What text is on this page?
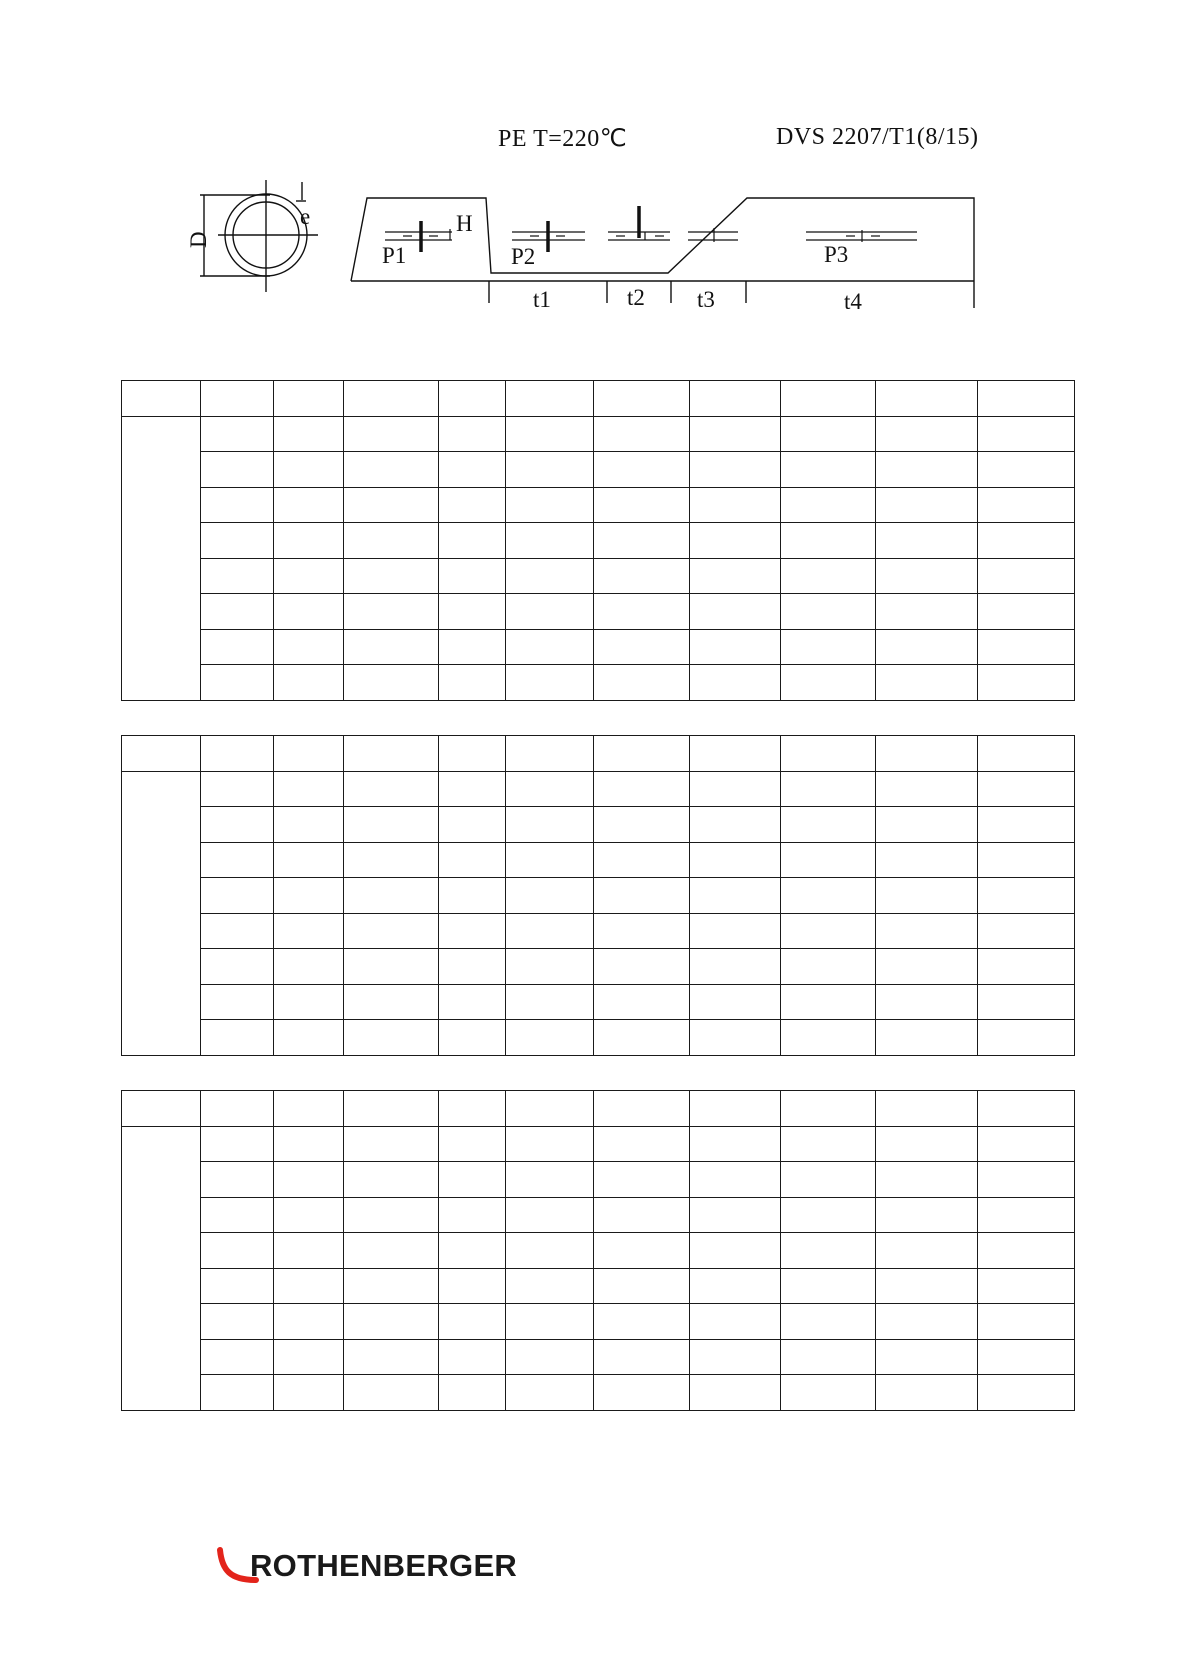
PE T=220℃	DVS 2207/T1(8/15)
D
e	H
P1	P2	P3
t1	t2 t3	t4

ROTHENBERGER
